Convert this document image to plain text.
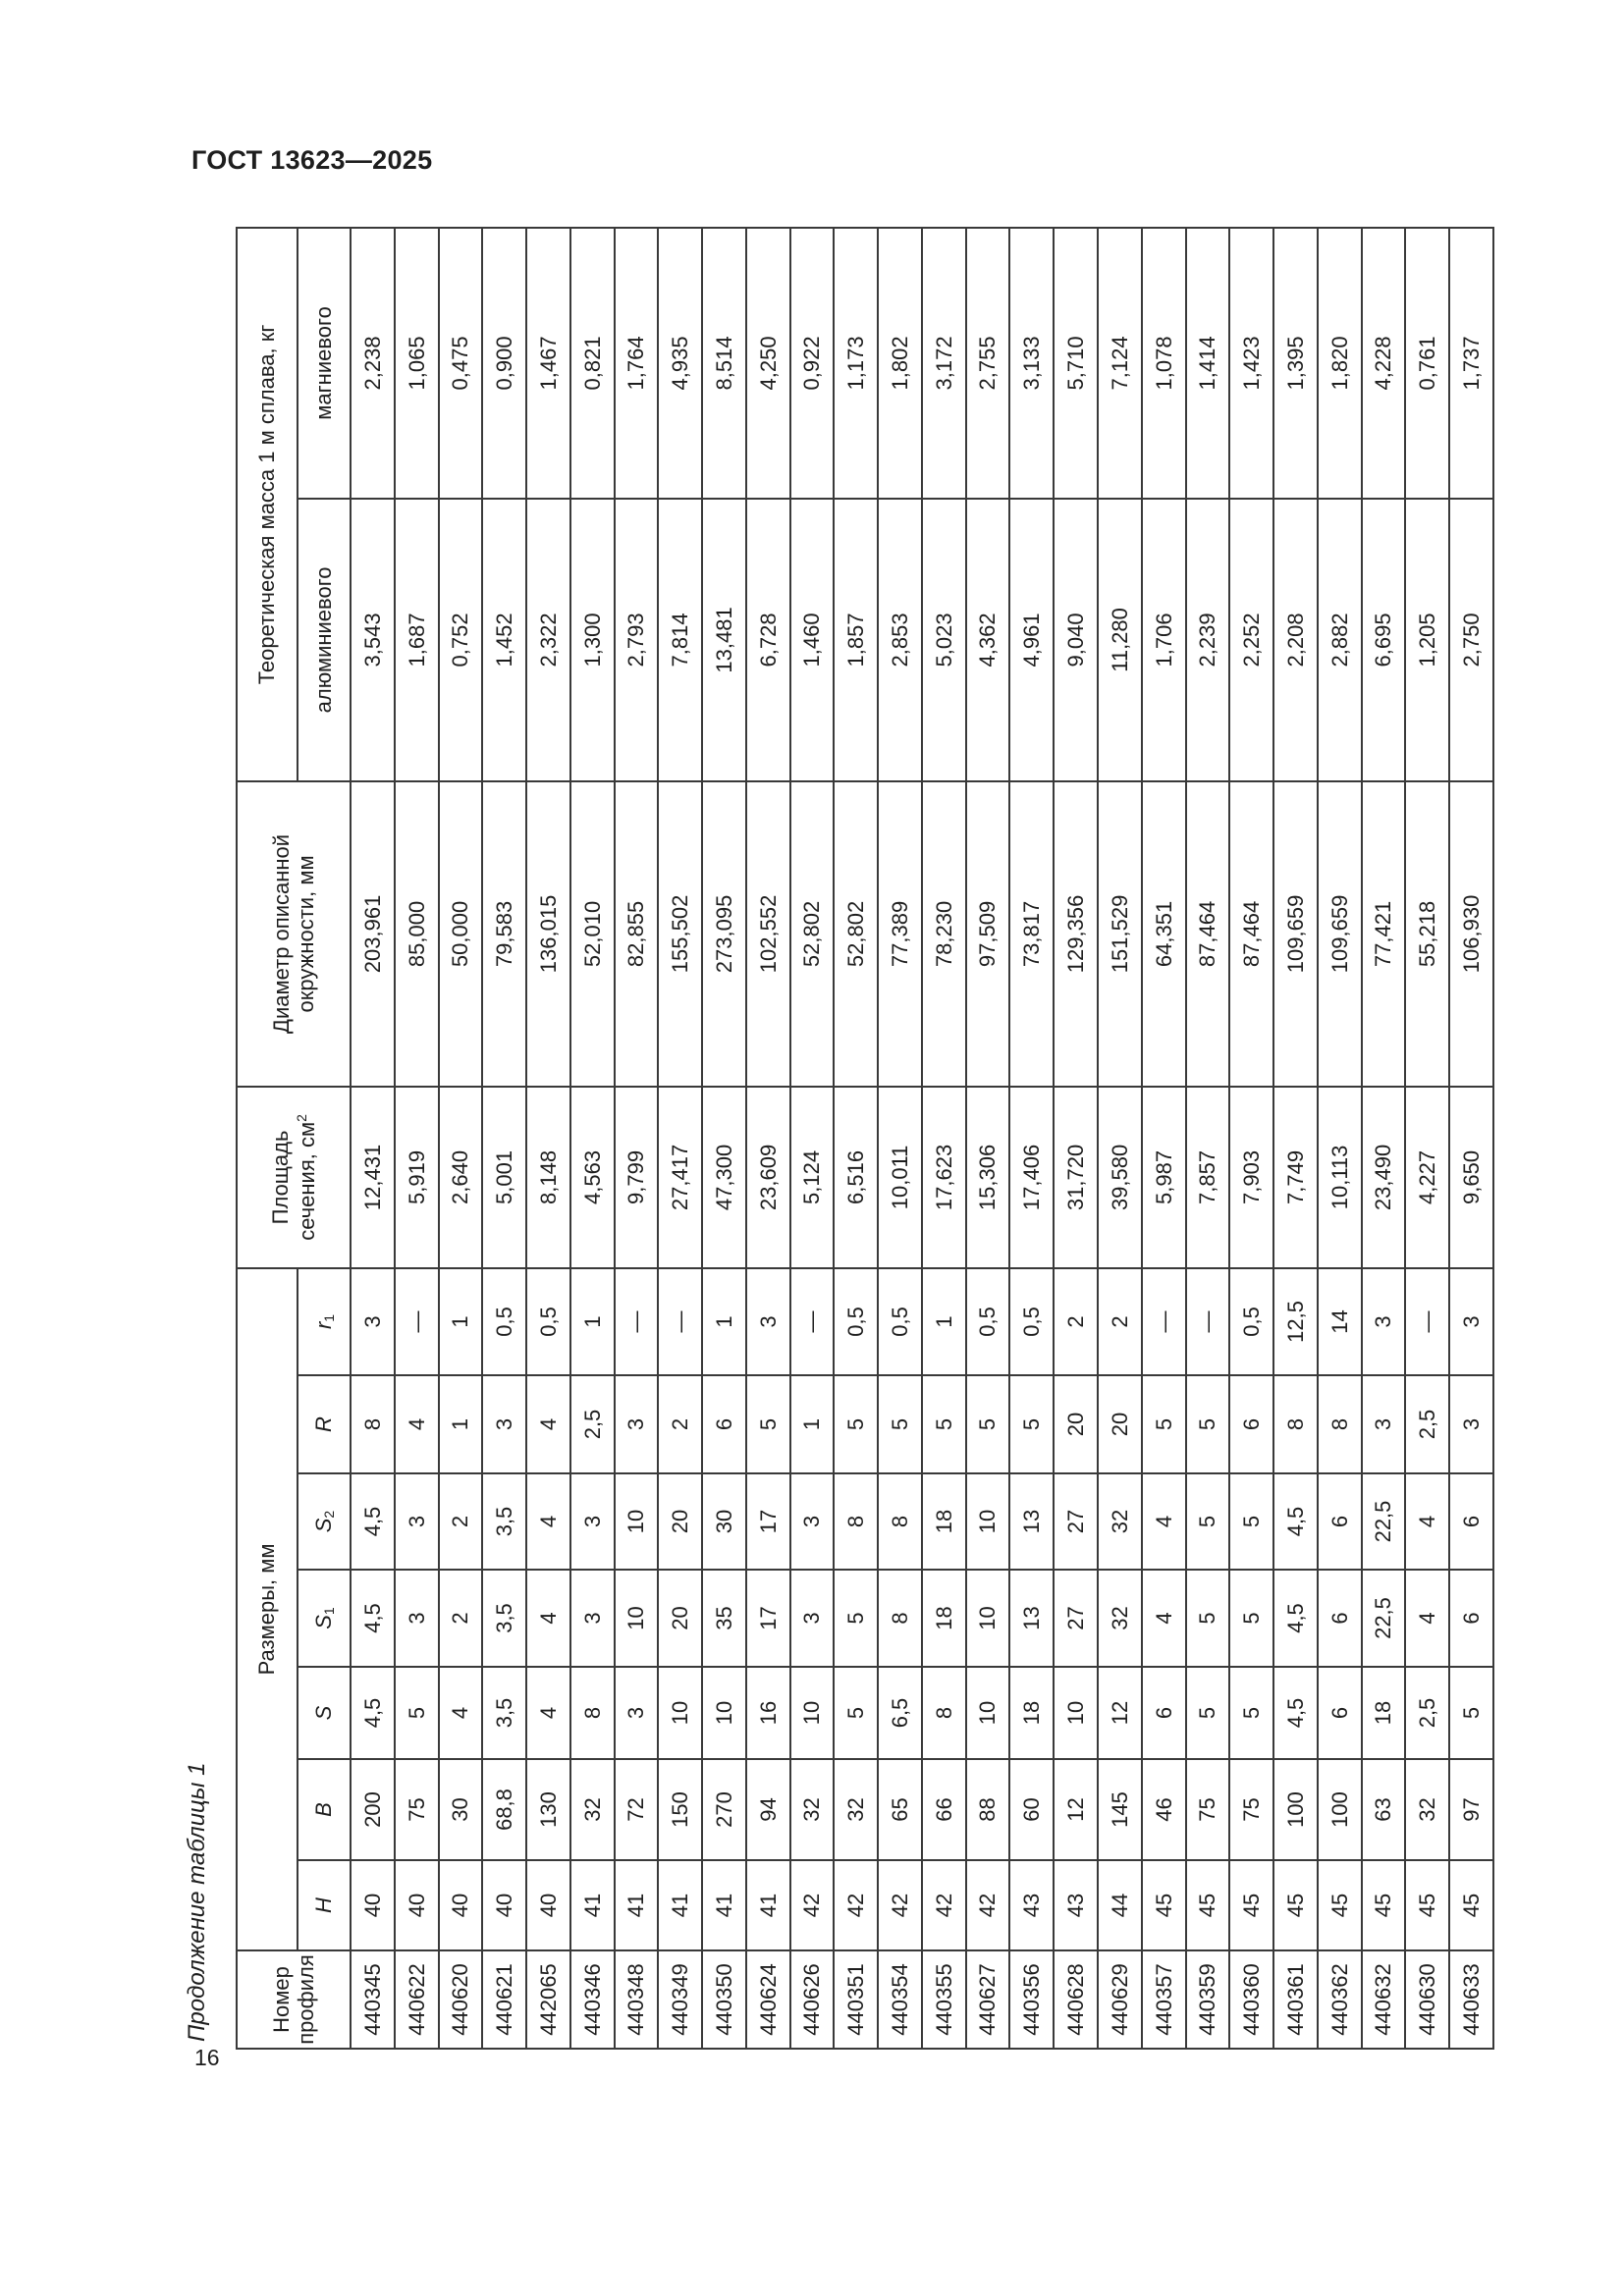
ГОСТ 13623—2025
16
Продолжение таблицы 1	Номер профиля	Размеры, мм							Площадь сечения, $см^2$	Диаметр описанной окружности, мм	Теоретическая масса 1 м сплава, кг	
	H	B	S	$S_1$	$S_2$	R	$r_1$			алюминиевого	магниевого
440345	40	200	4,5	4,5	4,5	8	3	12,431	203,961	3,543	2,238
440622	40	75	5	3	3	4	—	5,919	85,000	1,687	1,065
440620	40	30	4	2	2	1	1	2,640	50,000	0,752	0,475
440621	40	68,8	3,5	3,5	3,5	3	0,5	5,001	79,583	1,452	0,900
442065	40	130	4	4	4	4	0,5	8,148	136,015	2,322	1,467
440346	41	32	8	3	3	2,5	1	4,563	52,010	1,300	0,821
440348	41	72	3	10	10	3	—	9,799	82,855	2,793	1,764
440349	41	150	10	20	20	2	—	27,417	155,502	7,814	4,935
440350	41	270	10	35	30	6	1	47,300	273,095	13,481	8,514
440624	41	94	16	17	17	5	3	23,609	102,552	6,728	4,250
440626	42	32	10	3	3	1	—	5,124	52,802	1,460	0,922
440351	42	32	5	5	8	5	0,5	6,516	52,802	1,857	1,173
440354	42	65	6,5	8	8	5	0,5	10,011	77,389	2,853	1,802
440355	42	66	8	18	18	5	1	17,623	78,230	5,023	3,172
440627	42	88	10	10	10	5	0,5	15,306	97,509	4,362	2,755
440356	43	60	18	13	13	5	0,5	17,406	73,817	4,961	3,133
440628	43	12	10	27	27	20	2	31,720	129,356	9,040	5,710
440629	44	145	12	32	32	20	2	39,580	151,529	11,280	7,124
440357	45	46	6	4	4	5	—	5,987	64,351	1,706	1,078
440359	45	75	5	5	5	5	—	7,857	87,464	2,239	1,414
440360	45	75	5	5	5	6	0,5	7,903	87,464	2,252	1,423
440361	45	100	4,5	4,5	4,5	8	12,5	7,749	109,659	2,208	1,395
440362	45	100	6	6	6	8	14	10,113	109,659	2,882	1,820
440632	45	63	18	22,5	22,5	3	3	23,490	77,421	6,695	4,228
440630	45	32	2,5	4	4	2,5	—	4,227	55,218	1,205	0,761
440633	45	97	5	6	6	3	3	9,650	106,930	2,750	1,737
